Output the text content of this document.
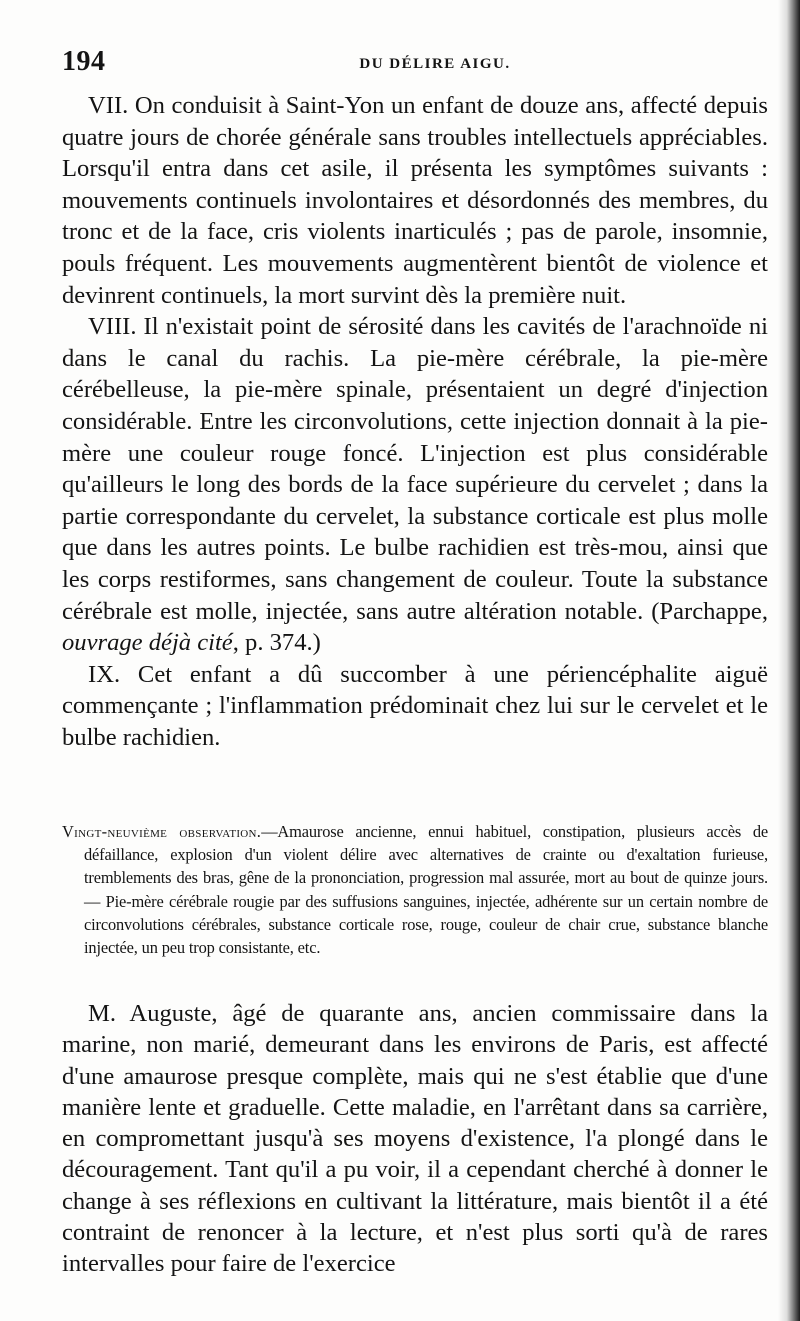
194	DU DÉLIRE AIGU.

VII. On conduisit à Saint-Yon un enfant de douze ans, affecté depuis quatre jours de chorée générale sans troubles intellectuels appréciables. Lorsqu'il entra dans cet asile, il présenta les symptômes suivants : mouvements continuels involontaires et désordonnés des membres, du tronc et de la face, cris violents inarticulés ; pas de parole, insomnie, pouls fréquent. Les mouvements augmentèrent bientôt de violence et devinrent continuels, la mort survint dès la première nuit.

VIII. Il n'existait point de sérosité dans les cavités de l'arachnoïde ni dans le canal du rachis. La pie-mère cérébrale, la pie-mère cérébelleuse, la pie-mère spinale, présentaient un degré d'injection considérable. Entre les circonvolutions, cette injection donnait à la pie-mère une couleur rouge foncé. L'injection est plus considérable qu'ailleurs le long des bords de la face supérieure du cervelet ; dans la partie correspondante du cervelet, la substance corticale est plus molle que dans les autres points. Le bulbe rachidien est très-mou, ainsi que les corps restiformes, sans changement de couleur. Toute la substance cérébrale est molle, injectée, sans autre altération notable. (Parchappe, ouvrage déjà cité, p. 374.)

IX. Cet enfant a dû succomber à une périencéphalite aiguë commençante ; l'inflammation prédominait chez lui sur le cervelet et le bulbe rachidien.

Vingt-neuvième observation.—Amaurose ancienne, ennui habituel, constipation, plusieurs accès de défaillance, explosion d'un violent délire avec alternatives de crainte ou d'exaltation furieuse, tremblements des bras, gêne de la prononciation, progression mal assurée, mort au bout de quinze jours. — Pie-mère cérébrale rougie par des suffusions sanguines, injectée, adhérente sur un certain nombre de circonvolutions cérébrales, substance corticale rose, rouge, couleur de chair crue, substance blanche injectée, un peu trop consistante, etc.

M. Auguste, âgé de quarante ans, ancien commissaire dans la marine, non marié, demeurant dans les environs de Paris, est affecté d'une amaurose presque complète, mais qui ne s'est établie que d'une manière lente et graduelle. Cette maladie, en l'arrêtant dans sa carrière, en compromettant jusqu'à ses moyens d'existence, l'a plongé dans le découragement. Tant qu'il a pu voir, il a cependant cherché à donner le change à ses réflexions en cultivant la littérature, mais bientôt il a été contraint de renoncer à la lecture, et n'est plus sorti qu'à de rares intervalles pour faire de l'exercice
